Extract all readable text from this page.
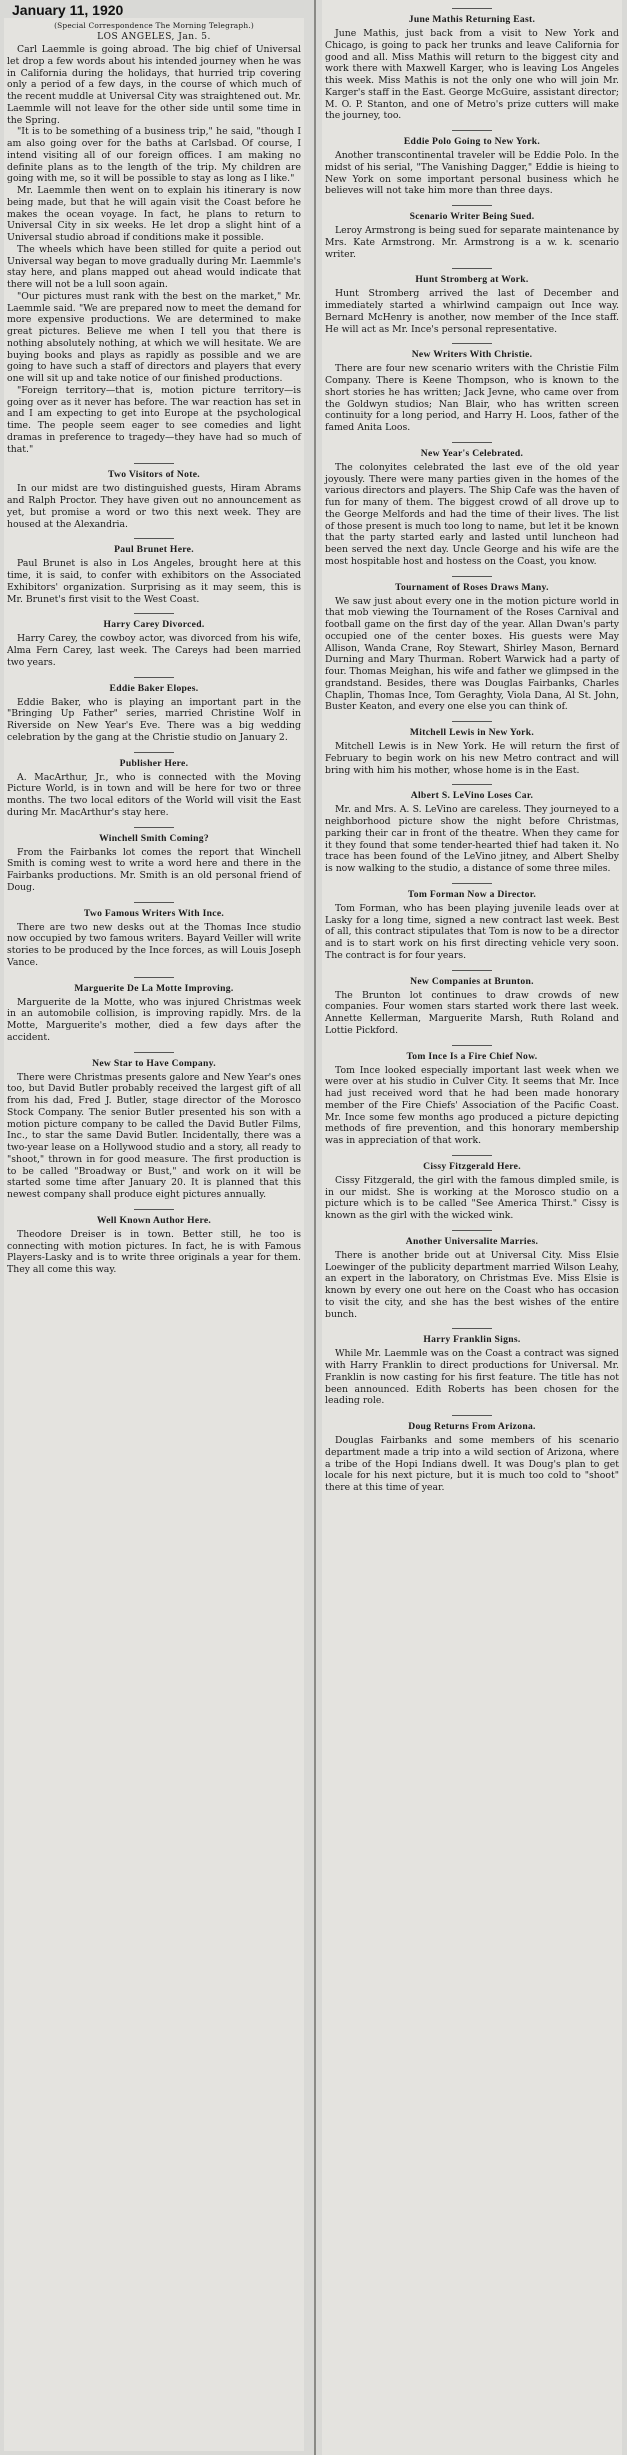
January 11, 1920
(Special Correspondence The Morning Telegraph.)
LOS ANGELES, Jan. 5.

Carl Laemmle is going abroad. The big chief of Universal let drop a few words about his intended journey when he was in California during the holidays, that hurried trip covering only a period of a few days, in the course of which much of the recent muddle at Universal City was straightened out. Mr. Laemmle will not leave for the other side until some time in the Spring.

"It is to be something of a business trip," he said, "though I am also going over for the baths at Carlsbad. Of course, I intend visiting all of our foreign offices. I am making no definite plans as to the length of the trip. My children are going with me, so it will be possible to stay as long as I like."

Mr. Laemmle then went on to explain his itinerary is now being made, but that he will again visit the Coast before he makes the ocean voyage. In fact, he plans to return to Universal City in six weeks. He let drop a slight hint of a Universal studio abroad if conditions make it possible.

The wheels which have been stilled for quite a period out Universal way began to move gradually during Mr. Laemmle's stay here, and plans mapped out ahead would indicate that there will not be a lull soon again.

"Our pictures must rank with the best on the market," Mr. Laemmle said. "We are prepared now to meet the demand for more expensive productions. We are determined to make great pictures. Believe me when I tell you that there is nothing absolutely nothing, at which we will hesitate. We are buying books and plays as rapidly as possible and we are going to have such a staff of directors and players that every one will sit up and take notice of our finished productions.

"Foreign territory—that is, motion picture territory—is going over as it never has before. The war reaction has set in and I am expecting to get into Europe at the psychological time. The people seem eager to see comedies and light dramas in preference to tragedy—they have had so much of that."

Two Visitors of Note.

In our midst are two distinguished guests, Hiram Abrams and Ralph Proctor. They have given out no announcement as yet, but promise a word or two this next week. They are housed at the Alexandria.

Paul Brunet Here.

Paul Brunet is also in Los Angeles, brought here at this time, it is said, to confer with exhibitors on the Associated Exhibitors' organization. Surprising as it may seem, this is Mr. Brunet's first visit to the West Coast.

Harry Carey Divorced.

Harry Carey, the cowboy actor, was divorced from his wife, Alma Fern Carey, last week. The Careys had been married two years.

Eddie Baker Elopes.

Eddie Baker, who is playing an important part in the "Bringing Up Father" series, married Christine Wolf in Riverside on New Year's Eve. There was a big wedding celebration by the gang at the Christie studio on January 2.

Publisher Here.

A. MacArthur, Jr., who is connected with the Moving Picture World, is in town and will be here for two or three months. The two local editors of the World will visit the East during Mr. MacArthur's stay here.

Winchell Smith Coming?

From the Fairbanks lot comes the report that Winchell Smith is coming west to write a word here and there in the Fairbanks productions. Mr. Smith is an old personal friend of Doug.

Two Famous Writers With Ince.

There are two new desks out at the Thomas Ince studio now occupied by two famous writers. Bayard Veiller will write stories to be produced by the Ince forces, as will Louis Joseph Vance.

Marguerite De La Motte Improving.

Marguerite de la Motte, who was injured Christmas week in an automobile collision, is improving rapidly. Mrs. de la Motte, Marguerite's mother, died a few days after the accident.

New Star to Have Company.

There were Christmas presents galore and New Year's ones too, but David Butler probably received the largest gift of all from his dad, Fred J. Butler, stage director of the Morosco Stock Company. The senior Butler presented his son with a motion picture company to be called the David Butler Films, Inc., to star the same David Butler. Incidentally, there was a two-year lease on a Hollywood studio and a story, all ready to "shoot," thrown in for good measure. The first production is to be called "Broadway or Bust," and work on it will be started some time after January 20. It is planned that this newest company shall produce eight pictures annually.

Well Known Author Here.

Theodore Dreiser is in town. Better still, he too is connecting with motion pictures. In fact, he is with Famous Players-Lasky and is to write three originals a year for them. They all come this way.

June Mathis Returning East.

June Mathis, just back from a visit to New York and Chicago, is going to pack her trunks and leave California for good and all. Miss Mathis will return to the biggest city and work there with Maxwell Karger, who is leaving Los Angeles this week. Miss Mathis is not the only one who will join Mr. Karger's staff in the East. George McGuire, assistant director; M. O. P. Stanton, and one of Metro's prize cutters will make the journey, too.

Eddie Polo Going to New York.

Another transcontinental traveler will be Eddie Polo. In the midst of his serial, "The Vanishing Dagger," Eddie is hieing to New York on some important personal business which he believes will not take him more than three days.

Scenario Writer Being Sued.

Leroy Armstrong is being sued for separate maintenance by Mrs. Kate Armstrong. Mr. Armstrong is a w. k. scenario writer.

Hunt Stromberg at Work.

Hunt Stromberg arrived the last of December and immediately started a whirlwind campaign out Ince way. Bernard McHenry is another, now member of the Ince staff. He will act as Mr. Ince's personal representative.

New Writers With Christie.

There are four new scenario writers with the Christie Film Company. There is Keene Thompson, who is known to the short stories he has written; Jack Jevne, who came over from the Goldwyn studios; Nan Blair, who has written screen continuity for a long period, and Harry H. Loos, father of the famed Anita Loos.

New Year's Celebrated.

The colonyites celebrated the last eve of the old year joyously. There were many parties given in the homes of the various directors and players. The Ship Cafe was the haven of fun for many of them. The biggest crowd of all drove up to the George Melfords and had the time of their lives. The list of those present is much too long to name, but let it be known that the party started early and lasted until luncheon had been served the next day. Uncle George and his wife are the most hospitable host and hostess on the Coast, you know.

Tournament of Roses Draws Many.

We saw just about every one in the motion picture world in that mob viewing the Tournament of the Roses Carnival and football game on the first day of the year. Allan Dwan's party occupied one of the center boxes. His guests were May Allison, Wanda Crane, Roy Stewart, Shirley Mason, Bernard Durning and Mary Thurman. Robert Warwick had a party of four. Thomas Meighan, his wife and father we glimpsed in the grandstand. Besides, there was Douglas Fairbanks, Charles Chaplin, Thomas Ince, Tom Geraghty, Viola Dana, Al St. John, Buster Keaton, and every one else you can think of.

Mitchell Lewis in New York.

Mitchell Lewis is in New York. He will return the first of February to begin work on his new Metro contract and will bring with him his mother, whose home is in the East.

Albert S. LeVino Loses Car.

Mr. and Mrs. A. S. LeVino are careless. They journeyed to a neighborhood picture show the night before Christmas, parking their car in front of the theatre. When they came for it they found that some tender-hearted thief had taken it. No trace has been found of the LeVino jitney, and Albert Shelby is now walking to the studio, a distance of some three miles.

Tom Forman Now a Director.

Tom Forman, who has been playing juvenile leads over at Lasky for a long time, signed a new contract last week. Best of all, this contract stipulates that Tom is now to be a director and is to start work on his first directing vehicle very soon. The contract is for four years.

New Companies at Brunton.

The Brunton lot continues to draw crowds of new companies. Four women stars started work there last week. Annette Kellerman, Marguerite Marsh, Ruth Roland and Lottie Pickford.

Tom Ince Is a Fire Chief Now.

Tom Ince looked especially important last week when we were over at his studio in Culver City. It seems that Mr. Ince had just received word that he had been made honorary member of the Fire Chiefs' Association of the Pacific Coast. Mr. Ince some few months ago produced a picture depicting methods of fire prevention, and this honorary membership was in appreciation of that work.

Cissy Fitzgerald Here.

Cissy Fitzgerald, the girl with the famous dimpled smile, is in our midst. She is working at the Morosco studio on a picture which is to be called "See America Thirst." Cissy is known as the girl with the wicked wink.

Another Universalite Marries.

There is another bride out at Universal City. Miss Elsie Loewinger of the publicity department married Wilson Leahy, an expert in the laboratory, on Christmas Eve. Miss Elsie is known by every one out here on the Coast who has occasion to visit the city, and she has the best wishes of the entire bunch.

Harry Franklin Signs.

While Mr. Laemmle was on the Coast a contract was signed with Harry Franklin to direct productions for Universal. Mr. Franklin is now casting for his first feature. The title has not been announced. Edith Roberts has been chosen for the leading role.

Doug Returns From Arizona.

Douglas Fairbanks and some members of his scenario department made a trip into a wild section of Arizona, where a tribe of the Hopi Indians dwell. It was Doug's plan to get locale for his next picture, but it is much too cold to "shoot" there at this time of year.
